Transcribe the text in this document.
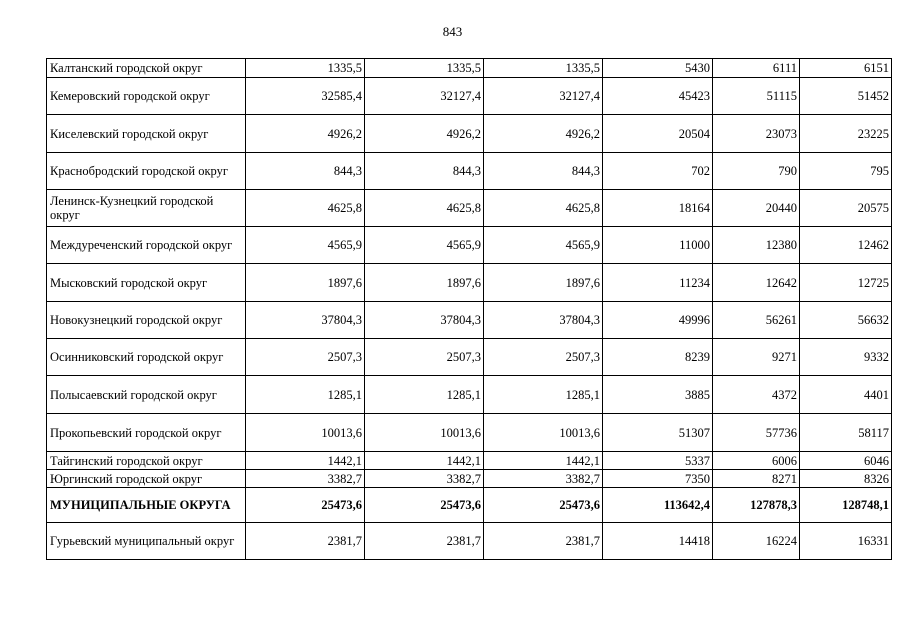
843
Калтанский городской округ	1335,5	1335,5	1335,5	5430	6111	6151
Кемеровский городской округ	32585,4	32127,4	32127,4	45423	51115	51452
Киселевский городской округ	4926,2	4926,2	4926,2	20504	23073	23225
Краснобродский городской округ	844,3	844,3	844,3	702	790	795
Ленинск-Кузнецкий городской округ	4625,8	4625,8	4625,8	18164	20440	20575
Междуреченский городской округ	4565,9	4565,9	4565,9	11000	12380	12462
Мысковский городской округ	1897,6	1897,6	1897,6	11234	12642	12725
Новокузнецкий городской округ	37804,3	37804,3	37804,3	49996	56261	56632
Осинниковский городской округ	2507,3	2507,3	2507,3	8239	9271	9332
Полысаевский городской округ	1285,1	1285,1	1285,1	3885	4372	4401
Прокопьевский городской округ	10013,6	10013,6	10013,6	51307	57736	58117
Тайгинский городской округ	1442,1	1442,1	1442,1	5337	6006	6046
Юргинский городской округ	3382,7	3382,7	3382,7	7350	8271	8326
МУНИЦИПАЛЬНЫЕ ОКРУГА	25473,6	25473,6	25473,6	113642,4	127878,3	128748,1
Гурьевский муниципальный округ	2381,7	2381,7	2381,7	14418	16224	16331
